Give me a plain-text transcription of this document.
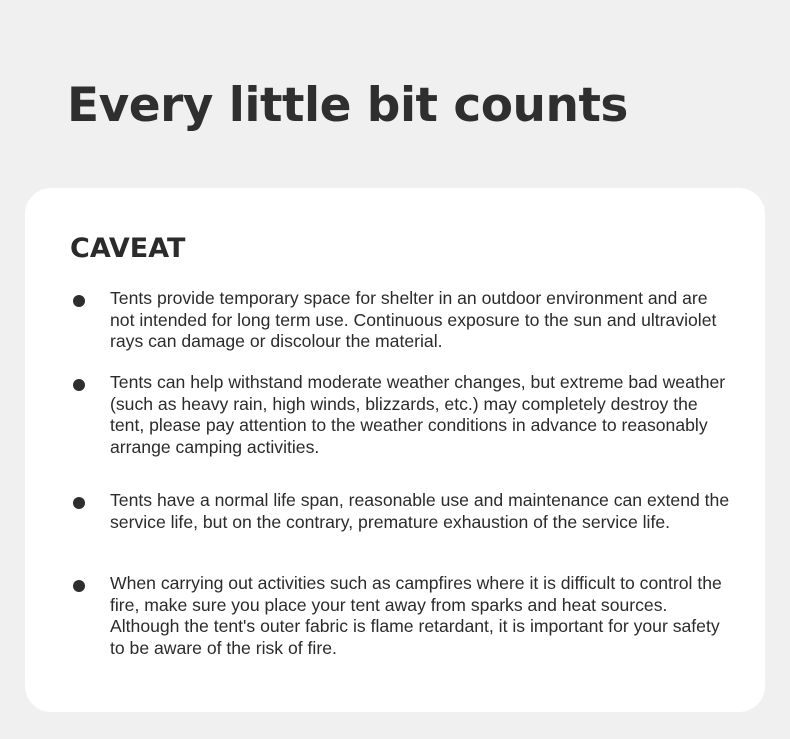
Every little bit counts
CAVEAT

Tents provide temporary space for shelter in an outdoor environment and are not intended for long term use. Continuous exposure to the sun and ultraviolet rays can damage or discolour the material.

Tents can help withstand moderate weather changes, but extreme bad weather (such as heavy rain, high winds, blizzards, etc.) may completely destroy the tent, please pay attention to the weather conditions in advance to reasonably arrange camping activities.

Tents have a normal life span, reasonable use and maintenance can extend the service life, but on the contrary, premature exhaustion of the service life.

When carrying out activities such as campfires where it is difficult to control the fire, make sure you place your tent away from sparks and heat sources. Although the tent's outer fabric is flame retardant, it is important for your safety to be aware of the risk of fire.
